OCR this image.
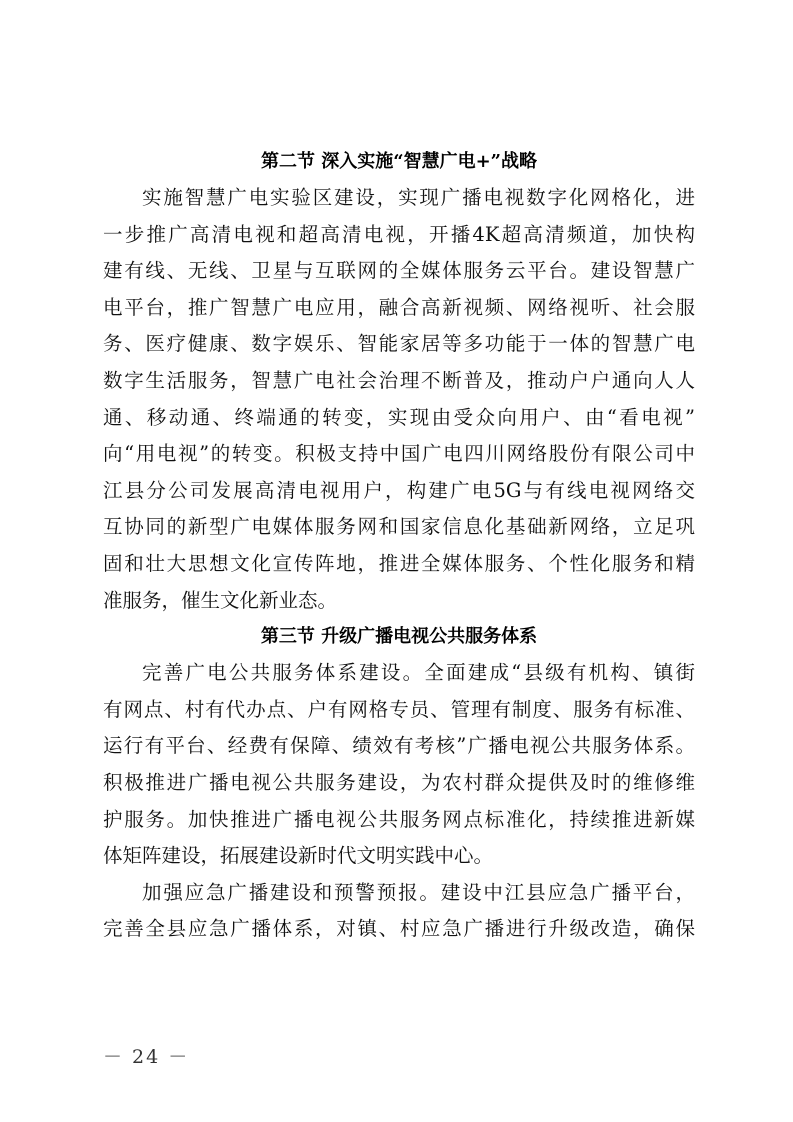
第二节 深入实施“智慧广电+”战略
实施智慧广电实验区建设，实现广播电视数字化网格化，进
一步推广高清电视和超高清电视，开播4K超高清频道，加快构
建有线、无线、卫星与互联网的全媒体服务云平台。建设智慧广
电平台，推广智慧广电应用，融合高新视频、网络视听、社会服
务、医疗健康、数字娱乐、智能家居等多功能于一体的智慧广电
数字生活服务，智慧广电社会治理不断普及，推动户户通向人人
通、移动通、终端通的转变，实现由受众向用户、由“看电视”
向“用电视”的转变。积极支持中国广电四川网络股份有限公司中
江县分公司发展高清电视用户，构建广电5G与有线电视网络交
互协同的新型广电媒体服务网和国家信息化基础新网络，立足巩
固和壮大思想文化宣传阵地，推进全媒体服务、个性化服务和精
准服务，催生文化新业态。
第三节 升级广播电视公共服务体系
完善广电公共服务体系建设。全面建成“县级有机构、镇街
有网点、村有代办点、户有网格专员、管理有制度、服务有标准、
运行有平台、经费有保障、绩效有考核”广播电视公共服务体系。
积极推进广播电视公共服务建设，为农村群众提供及时的维修维
护服务。加快推进广播电视公共服务网点标准化，持续推进新媒
体矩阵建设，拓展建设新时代文明实践中心。
加强应急广播建设和预警预报。建设中江县应急广播平台，
完善全县应急广播体系，对镇、村应急广播进行升级改造，确保
－ 24 －
